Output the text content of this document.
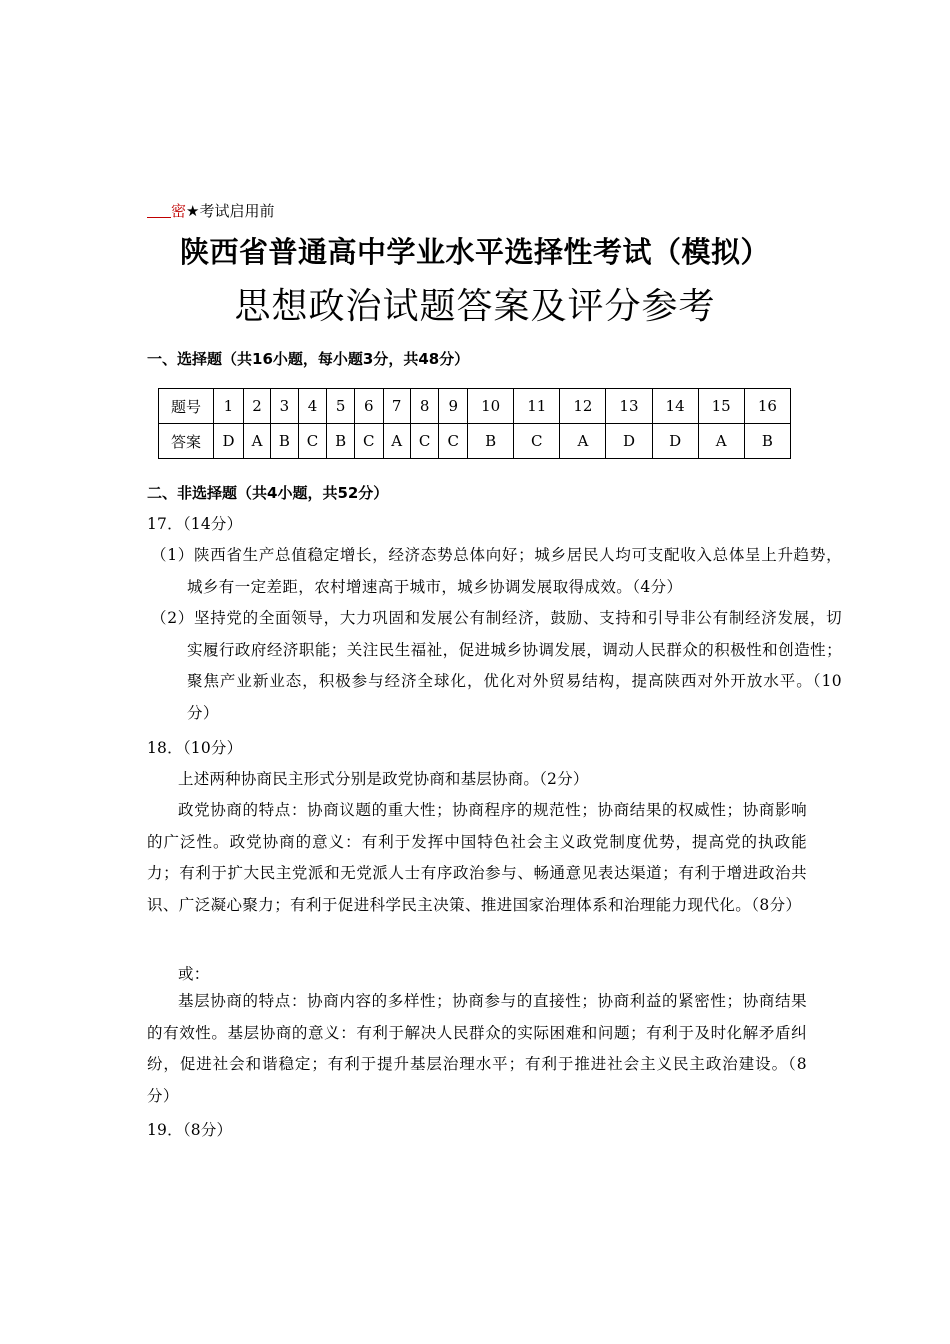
密★考试启用前
陕西省普通高中学业水平选择性考试（模拟）
思想政治试题答案及评分参考
一、选择题（共16小题，每小题3分，共48分）
题号	1	2	3	4	5	6	7	8	9	10	11	12	13	14	15	16
答案	D	A	B	C	B	C	A	C	C	B	C	A	D	D	A	B
二、非选择题（共4小题，共52分）
17．（14分）
（1）陕西省生产总值稳定增长，经济态势总体向好；城乡居民人均可支配收入总体呈上升趋势，城乡有一定差距，农村增速高于城市，城乡协调发展取得成效。（4分）
（2）坚持党的全面领导，大力巩固和发展公有制经济，鼓励、支持和引导非公有制经济发展，切实履行政府经济职能；关注民生福祉，促进城乡协调发展，调动人民群众的积极性和创造性；聚焦产业新业态，积极参与经济全球化，优化对外贸易结构，提高陕西对外开放水平。（10分）
18．（10分）
上述两种协商民主形式分别是政党协商和基层协商。（2分）
政党协商的特点：协商议题的重大性；协商程序的规范性；协商结果的权威性；协商影响的广泛性。政党协商的意义：有利于发挥中国特色社会主义政党制度优势，提高党的执政能力；有利于扩大民主党派和无党派人士有序政治参与、畅通意见表达渠道；有利于增进政治共识、广泛凝心聚力；有利于促进科学民主决策、推进国家治理体系和治理能力现代化。（8分）
或：
基层协商的特点：协商内容的多样性；协商参与的直接性；协商利益的紧密性；协商结果的有效性。基层协商的意义：有利于解决人民群众的实际困难和问题；有利于及时化解矛盾纠纷，促进社会和谐稳定；有利于提升基层治理水平；有利于推进社会主义民主政治建设。（8分）
19．（8分）
